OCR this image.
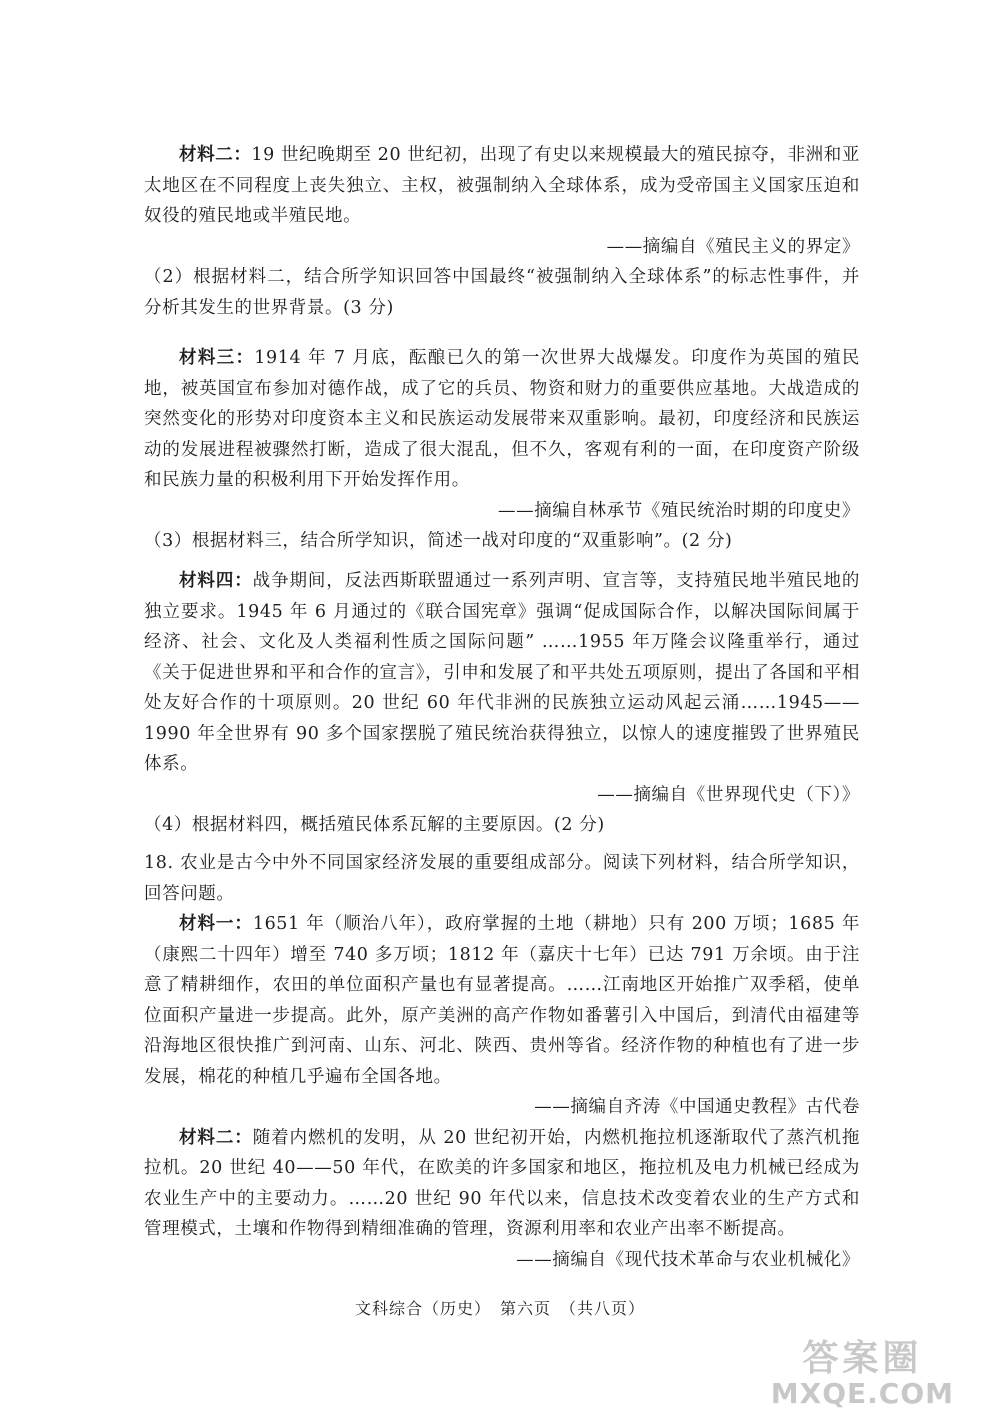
材料二：19 世纪晚期至 20 世纪初，出现了有史以来规模最大的殖民掠夺，非洲和亚太地区在不同程度上丧失独立、主权，被强制纳入全球体系，成为受帝国主义国家压迫和奴役的殖民地或半殖民地。

——摘编自《殖民主义的界定》

（2）根据材料二，结合所学知识回答中国最终“被强制纳入全球体系”的标志性事件，并分析其发生的世界背景。(3 分)

材料三：1914 年 7 月底，酝酿已久的第一次世界大战爆发。印度作为英国的殖民地，被英国宣布参加对德作战，成了它的兵员、物资和财力的重要供应基地。大战造成的突然变化的形势对印度资本主义和民族运动发展带来双重影响。最初，印度经济和民族运动的发展进程被骤然打断，造成了很大混乱，但不久，客观有利的一面，在印度资产阶级和民族力量的积极利用下开始发挥作用。

——摘编自林承节《殖民统治时期的印度史》

（3）根据材料三，结合所学知识，简述一战对印度的“双重影响”。(2 分)

材料四：战争期间，反法西斯联盟通过一系列声明、宣言等，支持殖民地半殖民地的独立要求。1945 年 6 月通过的《联合国宪章》强调“促成国际合作，以解决国际间属于经济、社会、文化及人类福利性质之国际问题” ……1955 年万隆会议隆重举行，通过《关于促进世界和平和合作的宣言》，引申和发展了和平共处五项原则，提出了各国和平相处友好合作的十项原则。20 世纪 60 年代非洲的民族独立运动风起云涌……1945——1990 年全世界有 90 多个国家摆脱了殖民统治获得独立，以惊人的速度摧毁了世界殖民体系。

——摘编自《世界现代史（下）》

（4）根据材料四，概括殖民体系瓦解的主要原因。(2 分)

18. 农业是古今中外不同国家经济发展的重要组成部分。阅读下列材料，结合所学知识，回答问题。

材料一：1651 年（顺治八年），政府掌握的土地（耕地）只有 200 万顷；1685 年（康熙二十四年）增至 740 多万顷；1812 年（嘉庆十七年）已达 791 万余顷。由于注意了精耕细作，农田的单位面积产量也有显著提高。……江南地区开始推广双季稻，使单位面积产量进一步提高。此外，原产美洲的高产作物如番薯引入中国后，到清代由福建等沿海地区很快推广到河南、山东、河北、陕西、贵州等省。经济作物的种植也有了进一步发展，棉花的种植几乎遍布全国各地。

——摘编自齐涛《中国通史教程》古代卷

材料二：随着内燃机的发明，从 20 世纪初开始，内燃机拖拉机逐渐取代了蒸汽机拖拉机。20 世纪 40——50 年代，在欧美的许多国家和地区，拖拉机及电力机械已经成为农业生产中的主要动力。……20 世纪 90 年代以来，信息技术改变着农业的生产方式和管理模式，土壤和作物得到精细准确的管理，资源利用率和农业产出率不断提高。

——摘编自《现代技术革命与农业机械化》

文科综合（历史）　第六页　（共八页）
答案圈
MXQE.COM
